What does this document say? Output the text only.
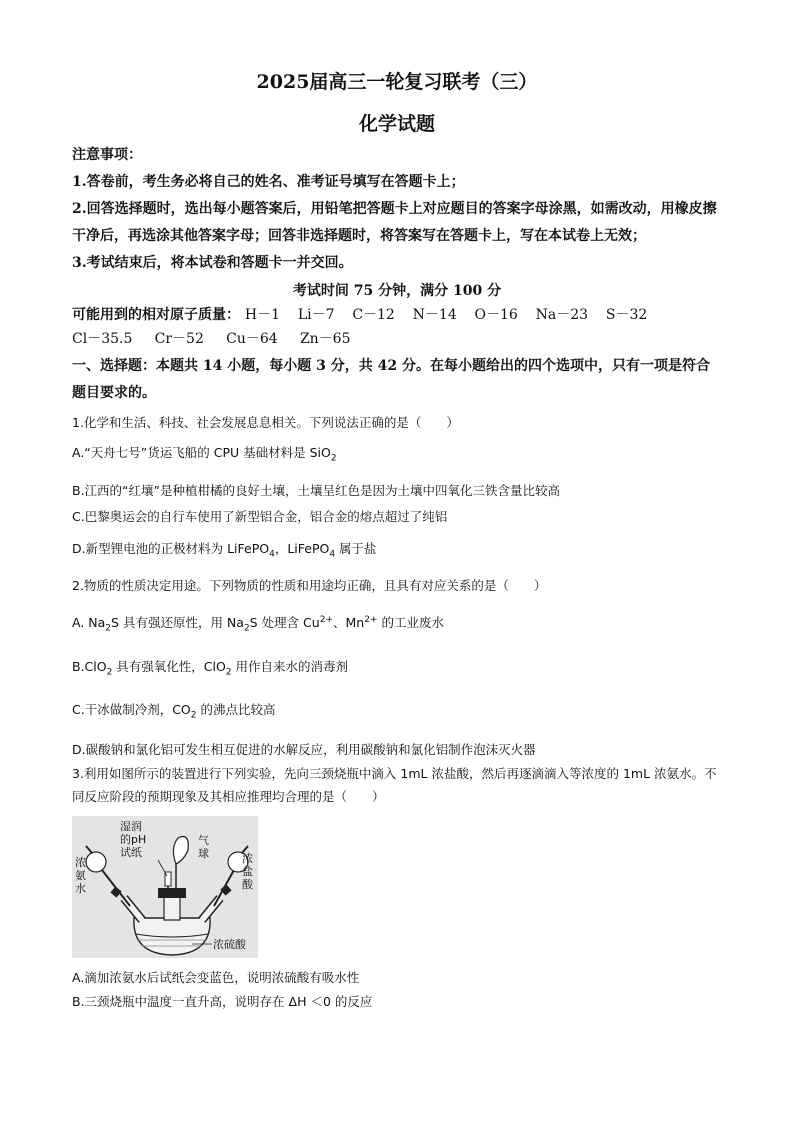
2025届高三一轮复习联考（三）
化学试题

注意事项：

1.答卷前，考生务必将自己的姓名、准考证号填写在答题卡上；

2.回答选择题时，选出每小题答案后，用铅笔把答题卡上对应题目的答案字母涂黑，如需改动，用橡皮擦干净后，再选涂其他答案字母；回答非选择题时，将答案写在答题卡上，写在本试卷上无效；

3.考试结束后，将本试卷和答题卡一并交回。

考试时间 75 分钟，满分 100 分
可能用到的相对原子质量： H－1 Li－7 C－12 N－14 O－16 Na－23 S－32
Cl－35.5 Cr－52 Cu－64 Zn－65
一、选择题：本题共 14 小题，每小题 3 分，共 42 分。在每小题给出的四个选项中，只有一项是符合题目要求的。

1.化学和生活、科技、社会发展息息相关。下列说法正确的是（　　）

A.“天舟七号”货运飞船的 CPU 基础材料是 SiO$_2$

B.江西的“红壤”是种植柑橘的良好土壤，土壤呈红色是因为土壤中四氧化三铁含量比较高

C.巴黎奥运会的自行车使用了新型铝合金，铝合金的熔点超过了纯铝

D.新型锂电池的正极材料为 LiFePO$_4$，LiFePO$_4$ 属于盐

2.物质的性质决定用途。下列物质的性质和用途均正确，且具有对应关系的是（　　）

A. $Na_2S$ 具有强还原性，用 $Na_2S$ 处理含 $Cu^{2+}$、$Mn^{2+}$ 的工业废水

B.ClO$_2$ 具有强氧化性，ClO$_2$ 用作自来水的消毒剂

C.干冰做制冷剂，$CO_2$ 的沸点比较高

D.碳酸钠和氯化铝可发生相互促进的水解反应，利用碳酸钠和氯化铝制作泡沫灭火器

3.利用如图所示的装置进行下列实验，先向三颈烧瓶中滴入 1mL 浓盐酸，然后再逐滴滴入等浓度的 1mL 浓氨水。不同反应阶段的预期现象及其相应推理均合理的是（　　）

湿润
的pH
试纸
气
球
浓
氨
水
浓
盐
酸
浓硫酸

A.滴加浓氨水后试纸会变蓝色，说明浓硫酸有吸水性

B.三颈烧瓶中温度一直升高，说明存在 ΔH ＜0 的反应
